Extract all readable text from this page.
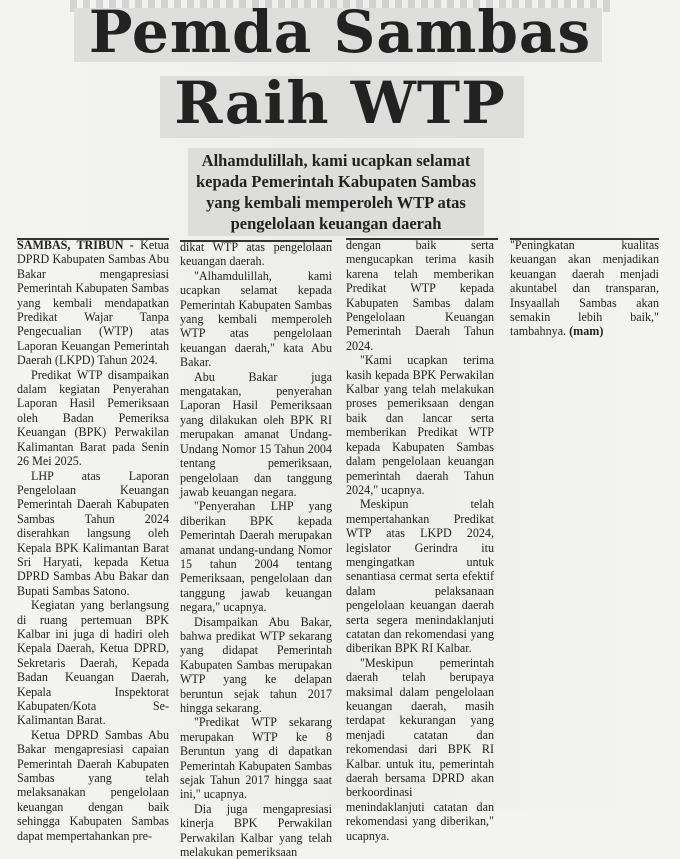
Pemda Sambas
Raih WTP
Alhamdulillah, kami ucapkan selamat kepada Pemerintah Kabupaten Sambas yang kembali memperoleh WTP atas pengelolaan keuangan daerah

SAMBAS, TRIBUN - Ketua DPRD Kabupaten Sambas Abu Bakar mengapresiasi Pemerintah Kabupaten Sambas yang kembali mendapatkan Predikat Wajar Tanpa Pengecualian (WTP) atas Laporan Keuangan Pemerintah Daerah (LKPD) Tahun 2024.

Predikat WTP disampaikan dalam kegiatan Penyerahan Laporan Hasil Pemeriksaan oleh Badan Pemeriksa Keuangan (BPK) Perwakilan Kalimantan Barat pada Senin 26 Mei 2025.

LHP atas Laporan Pengelolaan Keuangan Pemerintah Daerah Kabupaten Sambas Tahun 2024 diserahkan langsung oleh Kepala BPK Kalimantan Barat Sri Haryati, kepada Ketua DPRD Sambas Abu Bakar dan Bupati Sambas Satono.

Kegiatan yang berlangsung di ruang pertemuan BPK Kalbar ini juga di hadiri oleh Kepala Daerah, Ketua DPRD, Sekretaris Daerah, Kepada Badan Keuangan Daerah, Kepala Inspektorat Kabupaten/Kota Se-Kalimantan Barat.

Ketua DPRD Sambas Abu Bakar mengapresiasi capaian Pemerintah Daerah Kabupaten Sambas yang telah melaksanakan pengelolaan keuangan dengan baik sehingga Kabupaten Sambas dapat mempertahankan pre-

dikat WTP atas pengelolaan keuangan daerah.

"Alhamdulillah, kami ucapkan selamat kepada Pemerintah Kabupaten Sambas yang kembali memperoleh WTP atas pengelolaan keuangan daerah," kata Abu Bakar.

Abu Bakar juga mengatakan, penyerahan Laporan Hasil Pemeriksaan yang dilakukan oleh BPK RI merupakan amanat Undang-Undang Nomor 15 Tahun 2004 tentang pemeriksaan, pengelolaan dan tanggung jawab keuangan negara.

"Penyerahan LHP yang diberikan BPK kepada Pemerintah Daerah merupakan amanat undang-undang Nomor 15 tahun 2004 tentang Pemeriksaan, pengelolaan dan tanggung jawab keuangan negara," ucapnya.

Disampaikan Abu Bakar, bahwa predikat WTP sekarang yang didapat Pemerintah Kabupaten Sambas merupakan WTP yang ke delapan beruntun sejak tahun 2017 hingga sekarang.

"Predikat WTP sekarang merupakan WTP ke 8 Beruntun yang di dapatkan Pemerintah Kabupaten Sambas sejak Tahun 2017 hingga saat ini," ucapnya.

Dia juga mengapresiasi kinerja BPK Perwakilan Perwakilan Kalbar yang telah melakukan pemeriksaan

dengan baik serta mengucapkan terima kasih karena telah memberikan Predikat WTP kepada Kabupaten Sambas dalam Pengelolaan Keuangan Pemerintah Daerah Tahun 2024.

"Kami ucapkan terima kasih kepada BPK Perwakilan Kalbar yang telah melakukan proses pemeriksaan dengan baik dan lancar serta memberikan Predikat WTP kepada Kabupaten Sambas dalam pengelolaan keuangan pemerintah daerah Tahun 2024," ucapnya.

Meskipun telah mempertahankan Predikat WTP atas LKPD 2024, legislator Gerindra itu mengingatkan untuk senantiasa cermat serta efektif dalam pelaksanaan pengelolaan keuangan daerah serta segera menindaklanjuti catatan dan rekomendasi yang diberikan BPK RI Kalbar.

"Meskipun pemerintah daerah telah berupaya maksimal dalam pengelolaan keuangan daerah, masih terdapat kekurangan yang menjadi catatan dan rekomendasi dari BPK RI Kalbar. untuk itu, pemerintah daerah bersama DPRD akan berkoordinasi menindaklanjuti catatan dan rekomendasi yang diberikan," ucapnya.

"Peningkatan kualitas keuangan akan menjadikan keuangan daerah menjadi akuntabel dan transparan, Insyaallah Sambas akan semakin lebih baik," tambahnya. (mam)
